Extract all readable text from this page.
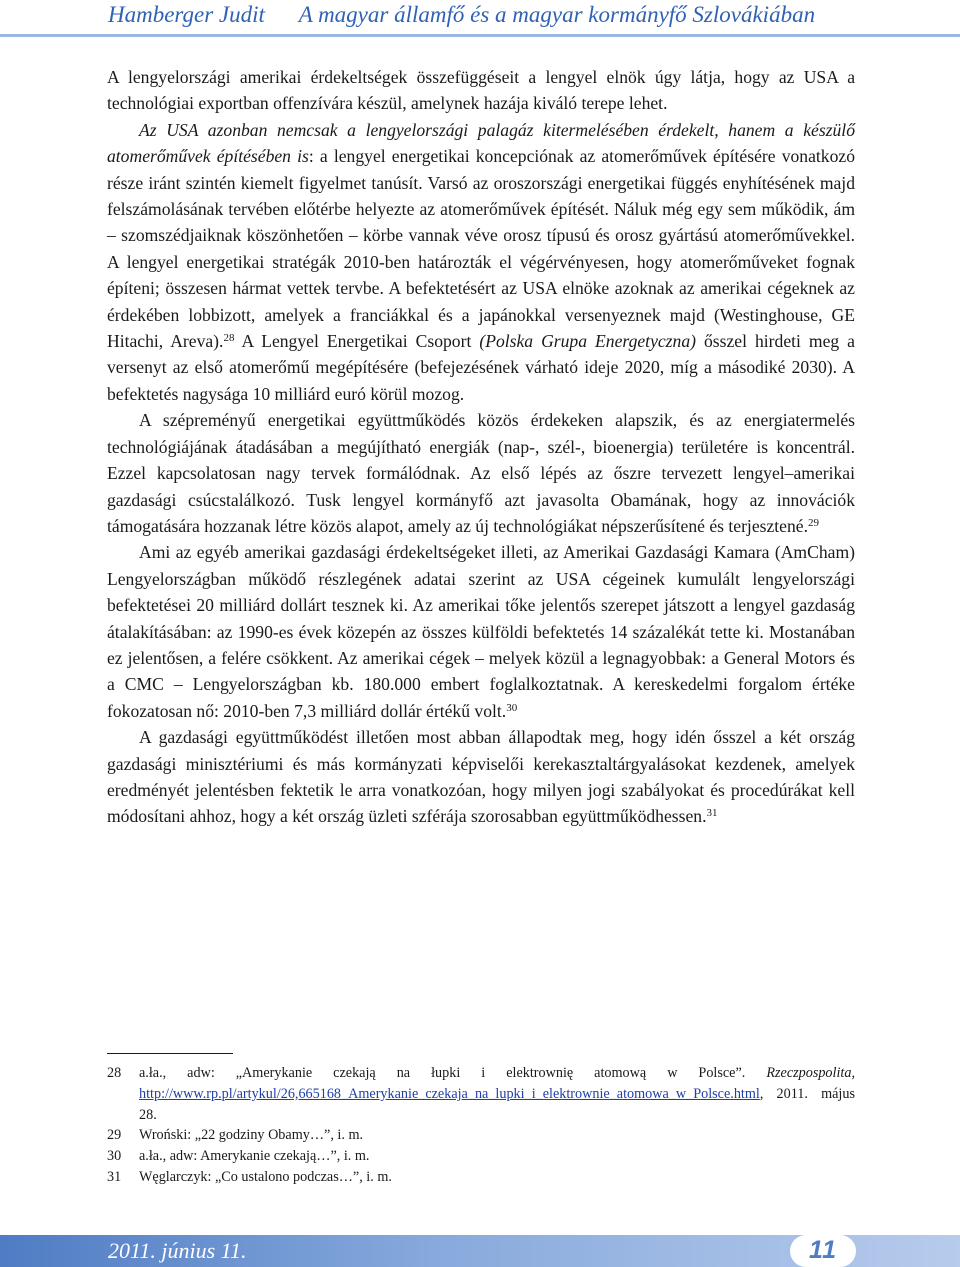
Hamberger Judit A magyar államfő és a magyar kormányfő Szlovákiában

A lengyelországi amerikai érdekeltségek összefüggéseit a lengyel elnök úgy látja, hogy az USA a technológiai exportban offenzívára készül, amelynek hazája kiváló terepe lehet.

Az USA azonban nemcsak a lengyelországi palagáz kitermelésében érdekelt, hanem a készülő atomerőművek építésében is: a lengyel energetikai koncepciónak az atomerőművek építésére vonatkozó része iránt szintén kiemelt figyelmet tanúsít. Varsó az oroszországi energetikai függés enyhítésének majd felszámolásának tervében előtérbe helyezte az atomerőművek építését. Náluk még egy sem működik, ám – szomszédjaiknak köszönhetően – körbe vannak véve orosz típusú és orosz gyártású atomerőművekkel. A lengyel energetikai stratégák 2010-ben határozták el végérvényesen, hogy atomerőműveket fognak építeni; összesen hármat vettek tervbe. A befektetésért az USA elnöke azoknak az amerikai cégeknek az érdekében lobbizott, amelyek a franciákkal és a japánokkal versenyeznek majd (Westinghouse, GE Hitachi, Areva).$^{28}$ A Lengyel Energetikai Csoport (Polska Grupa Energetyczna) ősszel hirdeti meg a versenyt az első atomerőmű megépítésére (befejezésének várható ideje 2020, míg a másodiké 2030). A befektetés nagysága 10 milliárd euró körül mozog.

A szépreményű energetikai együttműködés közös érdekeken alapszik, és az energiatermelés technológiájának átadásában a megújítható energiák (nap-, szél-, bioenergia) területére is koncentrál. Ezzel kapcsolatosan nagy tervek formálódnak. Az első lépés az őszre tervezett lengyel–amerikai gazdasági csúcstalálkozó. Tusk lengyel kormányfő azt javasolta Obamának, hogy az innovációk támogatására hozzanak létre közös alapot, amely az új technológiákat népszerűsítené és terjesztené.$^{29}$

Ami az egyéb amerikai gazdasági érdekeltségeket illeti, az Amerikai Gazdasági Kamara (AmCham) Lengyelországban működő részlegének adatai szerint az USA cégeinek kumulált lengyelországi befektetései 20 milliárd dollárt tesznek ki. Az amerikai tőke jelentős szerepet játszott a lengyel gazdaság átalakításában: az 1990-es évek közepén az összes külföldi befektetés 14 százalékát tette ki. Mostanában ez jelentősen, a felére csökkent. Az amerikai cégek – melyek közül a legnagyobbak: a General Motors és a CMC – Lengyelországban kb. 180.000 embert foglalkoztatnak. A kereskedelmi forgalom értéke fokozatosan nő: 2010-ben 7,3 milliárd dollár értékű volt.$^{30}$

A gazdasági együttműködést illetően most abban állapodtak meg, hogy idén ősszel a két ország gazdasági minisztériumi és más kormányzati képviselői kerekasztaltárgyalásokat kezdenek, amelyek eredményét jelentésben fektetik le arra vonatkozóan, hogy milyen jogi szabályokat és procedúrákat kell módosítani ahhoz, hogy a két ország üzleti szférája szorosabban együttműködhessen.$^{31}$

28	a.ła., adw: „Amerykanie czekają na łupki i elektrownię atomową w Polsce”. Rzeczpospolita, http://www.rp.pl/artykul/26,665168_Amerykanie_czekaja_na_lupki_i_elektrownie_atomowa_w_Polsce.html, 2011. május 28.
29	Wroński: „22 godziny Obamy…”, i. m.
30	a.ła., adw: Amerykanie czekają…”, i. m.
31	Węglarczyk: „Co ustalono podczas…”, i. m.
2011. június 11.	11
